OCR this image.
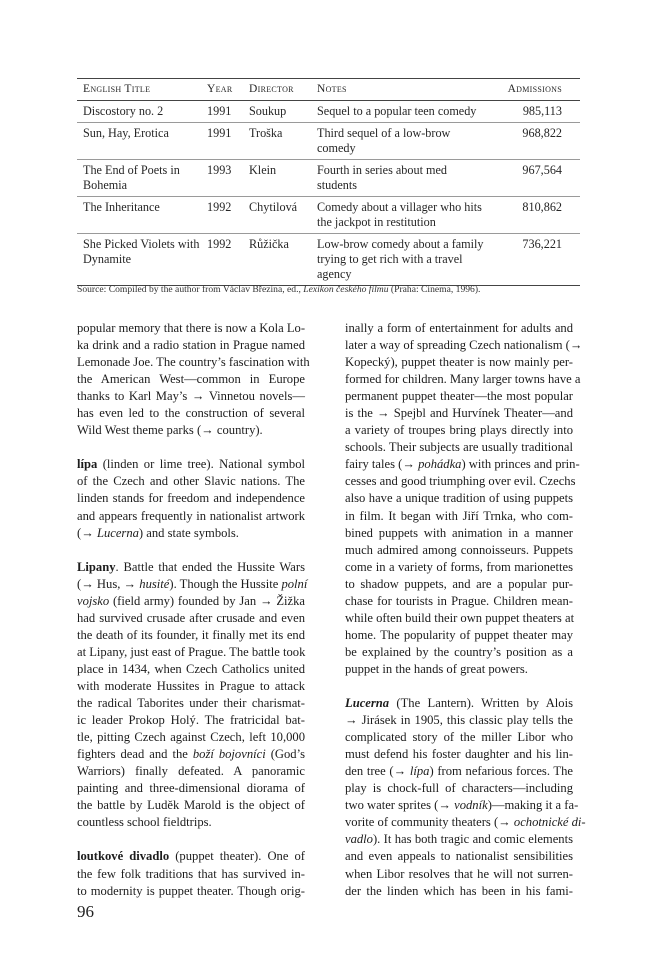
English Title	Year	Director	Notes	Admissions
Discostory no. 2	1991	Soukup	Sequel to a popular teen comedy	985,113
Sun, Hay, Erotica	1991	Troška	Third sequel of a low-brow comedy	968,822
The End of Poets in Bohemia	1993	Klein	Fourth in series about med students	967,564
The Inheritance	1992	Chytilová	Comedy about a villager who hits the jackpot in restitution	810,862
She Picked Violets with Dynamite	1992	Růžička	Low-brow comedy about a family trying to get rich with a travel agency	736,221
Source: Compiled by the author from Václav Březina, ed., Lexikon českého filmu (Praha: Cinema, 1996).

popular memory that there is now a Kola Lo-
ka drink and a radio station in Prague named
Lemonade Joe. The country’s fascination with
the American West—common in Europe
thanks to Karl May’s → Vinnetou novels—
has even led to the construction of several
Wild West theme parks (→ country).

lípa (linden or lime tree). National symbol
of the Czech and other Slavic nations. The
linden stands for freedom and independence
and appears frequently in nationalist artwork
(→ Lucerna) and state symbols.

Lipany. Battle that ended the Hussite Wars
(→ Hus, → husité). Though the Hussite polní
vojsko (field army) founded by Jan → Žižka
had survived crusade after crusade and even
the death of its founder, it finally met its end
at Lipany, just east of Prague. The battle took
place in 1434, when Czech Catholics united
with moderate Hussites in Prague to attack
the radical Taborites under their charismat-
ic leader Prokop Holý. The fratricidal bat-
tle, pitting Czech against Czech, left 10,000
fighters dead and the boží bojovníci (God’s
Warriors) finally defeated. A panoramic
painting and three-dimensional diorama of
the battle by Luděk Marold is the object of
countless school fieldtrips.

loutkové divadlo (puppet theater). One of
the few folk traditions that has survived in-
to modernity is puppet theater. Though orig-

inally a form of entertainment for adults and
later a way of spreading Czech nationalism (→
Kopecký), puppet theater is now mainly per-
formed for children. Many larger towns have a
permanent puppet theater—the most popular
is the → Spejbl and Hurvínek Theater—and
a variety of troupes bring plays directly into
schools. Their subjects are usually traditional
fairy tales (→ pohádka) with princes and prin-
cesses and good triumphing over evil. Czechs
also have a unique tradition of using puppets
in film. It began with Jiří Trnka, who com-
bined puppets with animation in a manner
much admired among connoisseurs. Puppets
come in a variety of forms, from marionettes
to shadow puppets, and are a popular pur-
chase for tourists in Prague. Children mean-
while often build their own puppet theaters at
home. The popularity of puppet theater may
be explained by the country’s position as a
puppet in the hands of great powers.

Lucerna (The Lantern). Written by Alois
→ Jirásek in 1905, this classic play tells the
complicated story of the miller Libor who
must defend his foster daughter and his lin-
den tree (→ lípa) from nefarious forces. The
play is chock-full of characters—including
two water sprites (→ vodník)—making it a fa-
vorite of community theaters (→ ochotnické di-
vadlo). It has both tragic and comic elements
and even appeals to nationalist sensibilities
when Libor resolves that he will not surren-
der the linden which has been in his fami-

96
